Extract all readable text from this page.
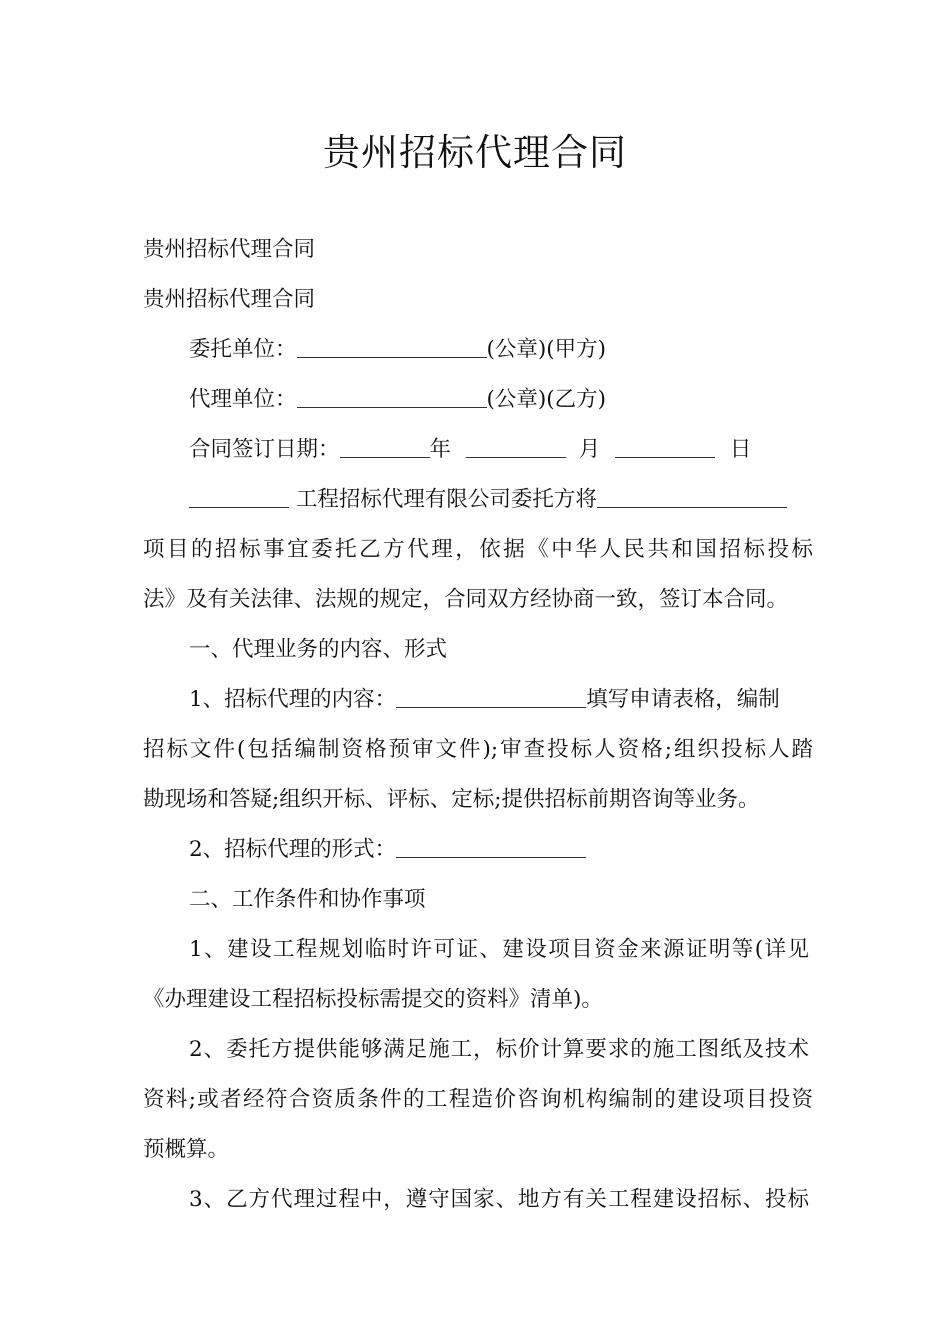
贵州招标代理合同
贵州招标代理合同
贵州招标代理合同
委托单位：	(公章)(甲方)
代理单位：	(公章)(乙方)
合同签订日期：	年	月	日
工程招标代理有限公司委托方将
项目的招标事宜委托乙方代理，依据《中华人民共和国招标投标
法》及有关法律、法规的规定，合同双方经协商一致，签订本合同。
一、代理业务的内容、形式
1、招标代理的内容：	填写申请表格，编制
招标文件(包括编制资格预审文件);审查投标人资格;组织投标人踏
勘现场和答疑;组织开标、评标、定标;提供招标前期咨询等业务。
2、招标代理的形式：
二、工作条件和协作事项
1、建设工程规划临时许可证、建设项目资金来源证明等(详见
《办理建设工程招标投标需提交的资料》清单)。
2、委托方提供能够满足施工，标价计算要求的施工图纸及技术
资料;或者经符合资质条件的工程造价咨询机构编制的建设项目投资
预概算。
3、乙方代理过程中，遵守国家、地方有关工程建设招标、投标
